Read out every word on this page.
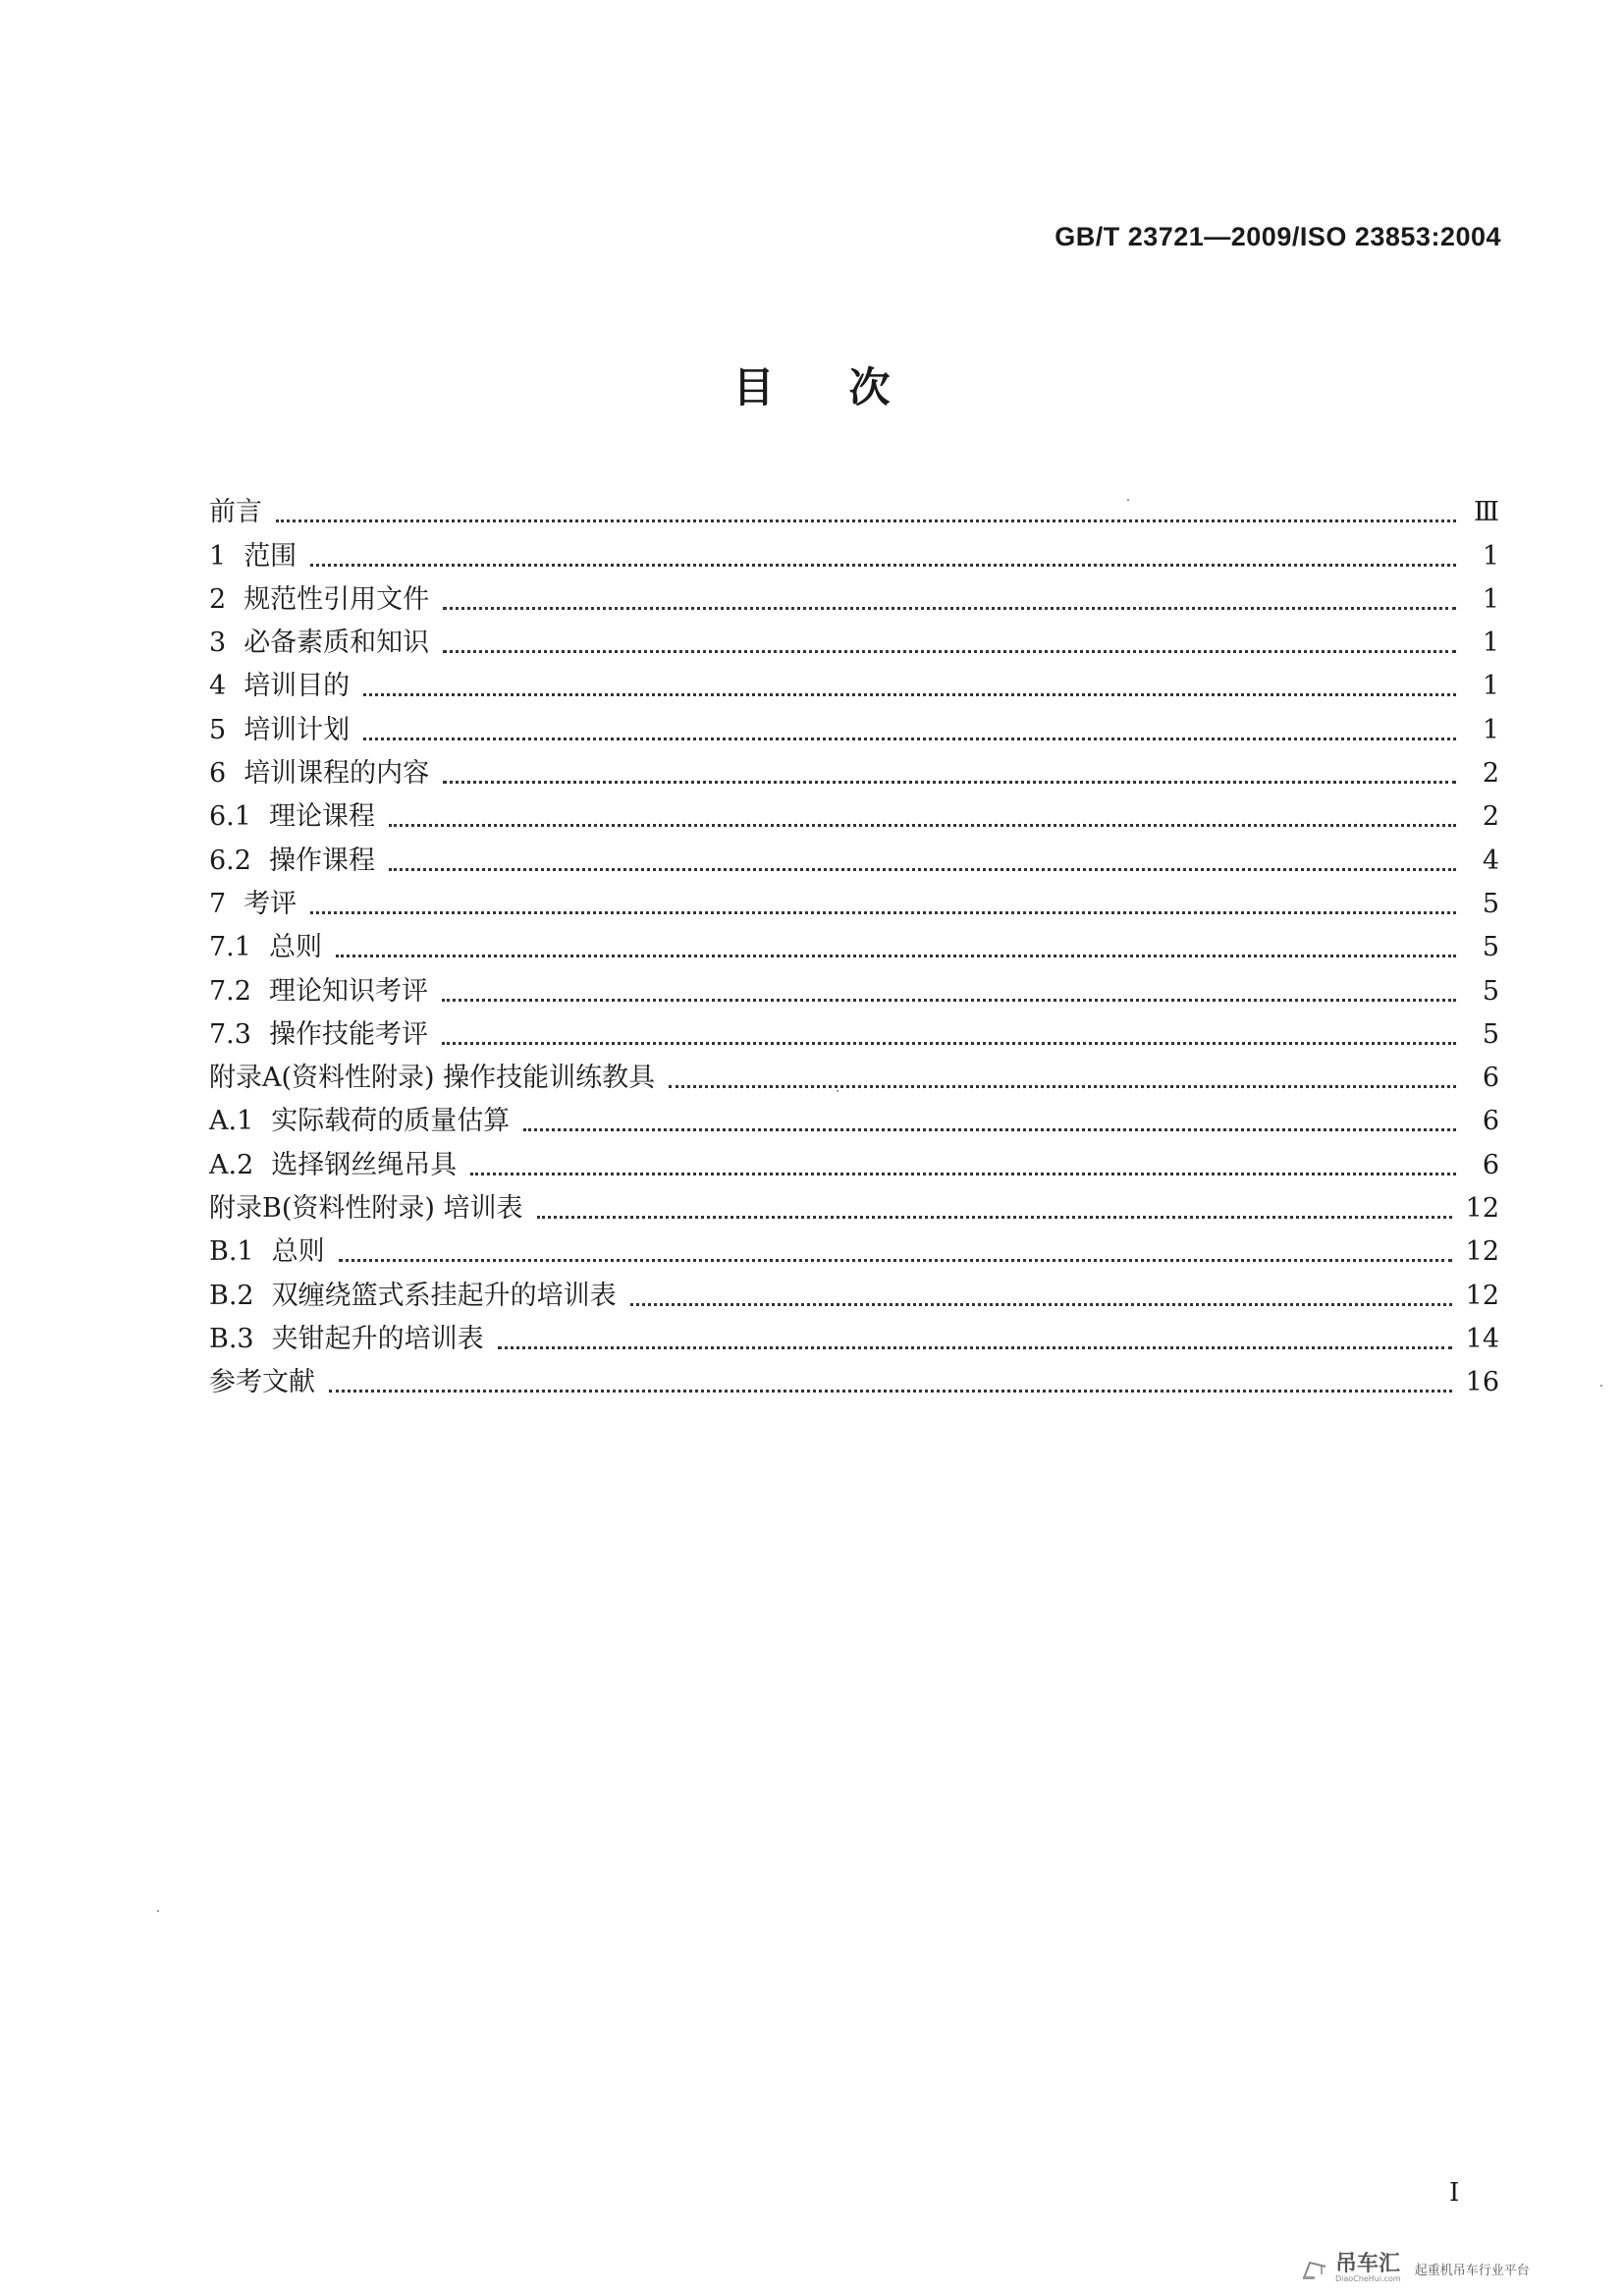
GB/T 23721—2009/ISO 23853:2004
目次
前言	Ⅲ
1 范围	1
2 规范性引用文件	1
3 必备素质和知识	1
4 培训目的	1
5 培训计划	1
6 培训课程的内容	2
6.1 理论课程	2
6.2 操作课程	4
7 考评	5
7.1 总则	5
7.2 理论知识考评	5
7.3 操作技能考评	5
附录A(资料性附录) 操作技能训练教具	6
A.1 实际载荷的质量估算	6
A.2 选择钢丝绳吊具	6
附录B(资料性附录) 培训表	12
B.1 总则	12
B.2 双缠绕篮式系挂起升的培训表	12
B.3 夹钳起升的培训表	14
参考文献	16
I
吊车汇
DiaoCheHui.com
起重机吊车行业平台
